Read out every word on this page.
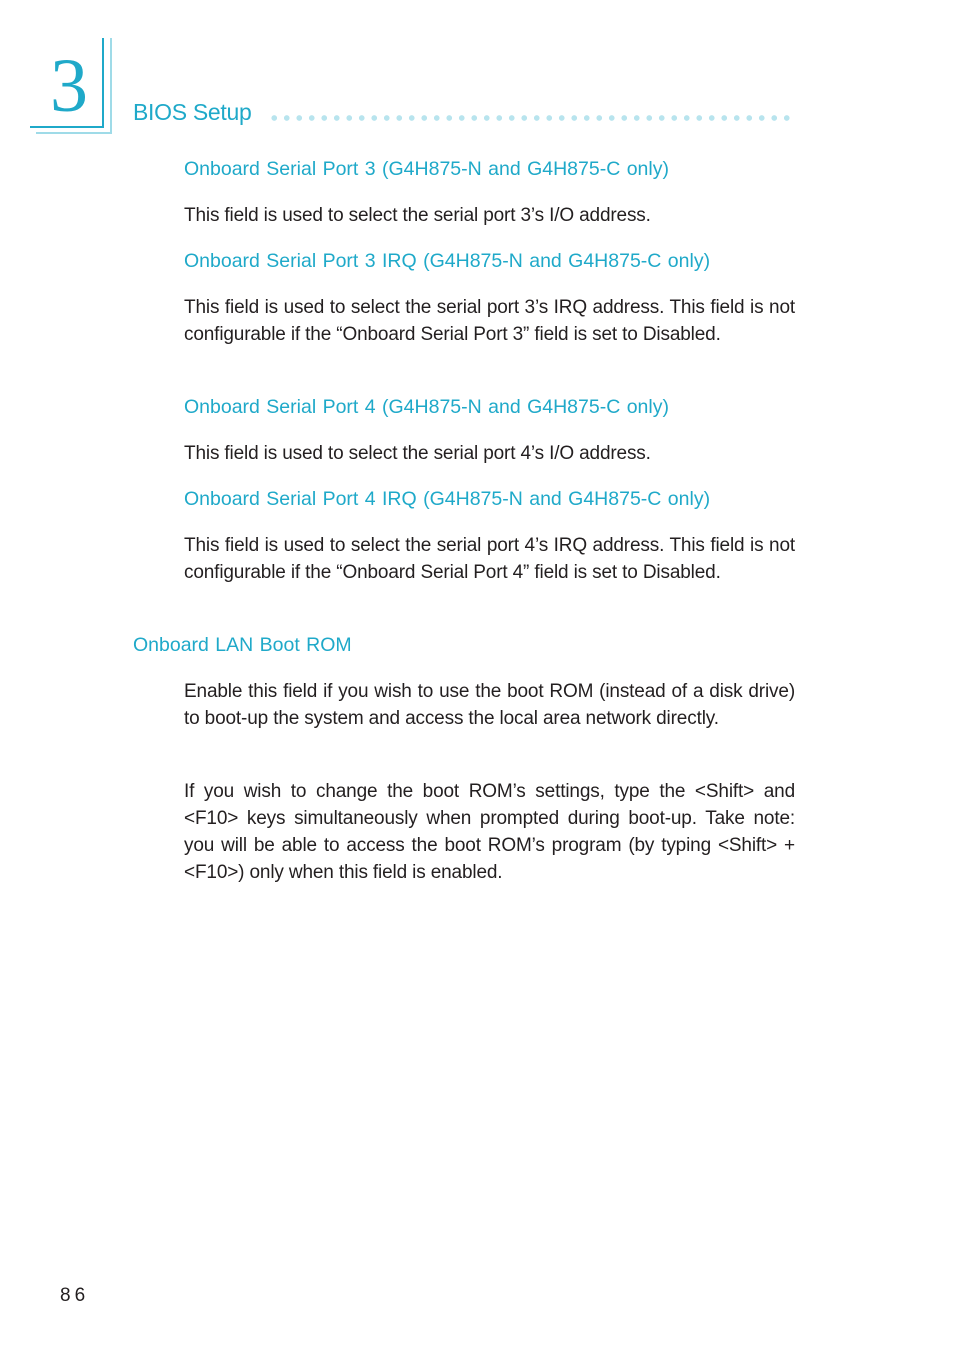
3 BIOS Setup
Onboard Serial Port 3 (G4H875-N and G4H875-C only)
This field is used to select the serial port 3’s I/O address.
Onboard Serial Port 3 IRQ (G4H875-N and G4H875-C only)
This field is used to select the serial port 3’s IRQ address. This field is not configurable if the “Onboard Serial Port 3” field is set to Disabled.
Onboard Serial Port 4 (G4H875-N and G4H875-C only)
This field is used to select the serial port 4’s I/O address.
Onboard Serial Port 4 IRQ (G4H875-N and G4H875-C only)
This field is used to select the serial port 4’s IRQ address. This field is not configurable if the “Onboard Serial Port 4” field is set to Disabled.
Onboard LAN Boot ROM
Enable this field if you wish to use the boot ROM (instead of a disk drive) to boot-up the system and access the local area network directly.
If you wish to change the boot ROM’s settings, type the <Shift> and <F10> keys simultaneously when prompted during boot-up. Take note: you will be able to access the boot ROM’s program (by typing <Shift> + <F10>) only when this field is enabled.
86
